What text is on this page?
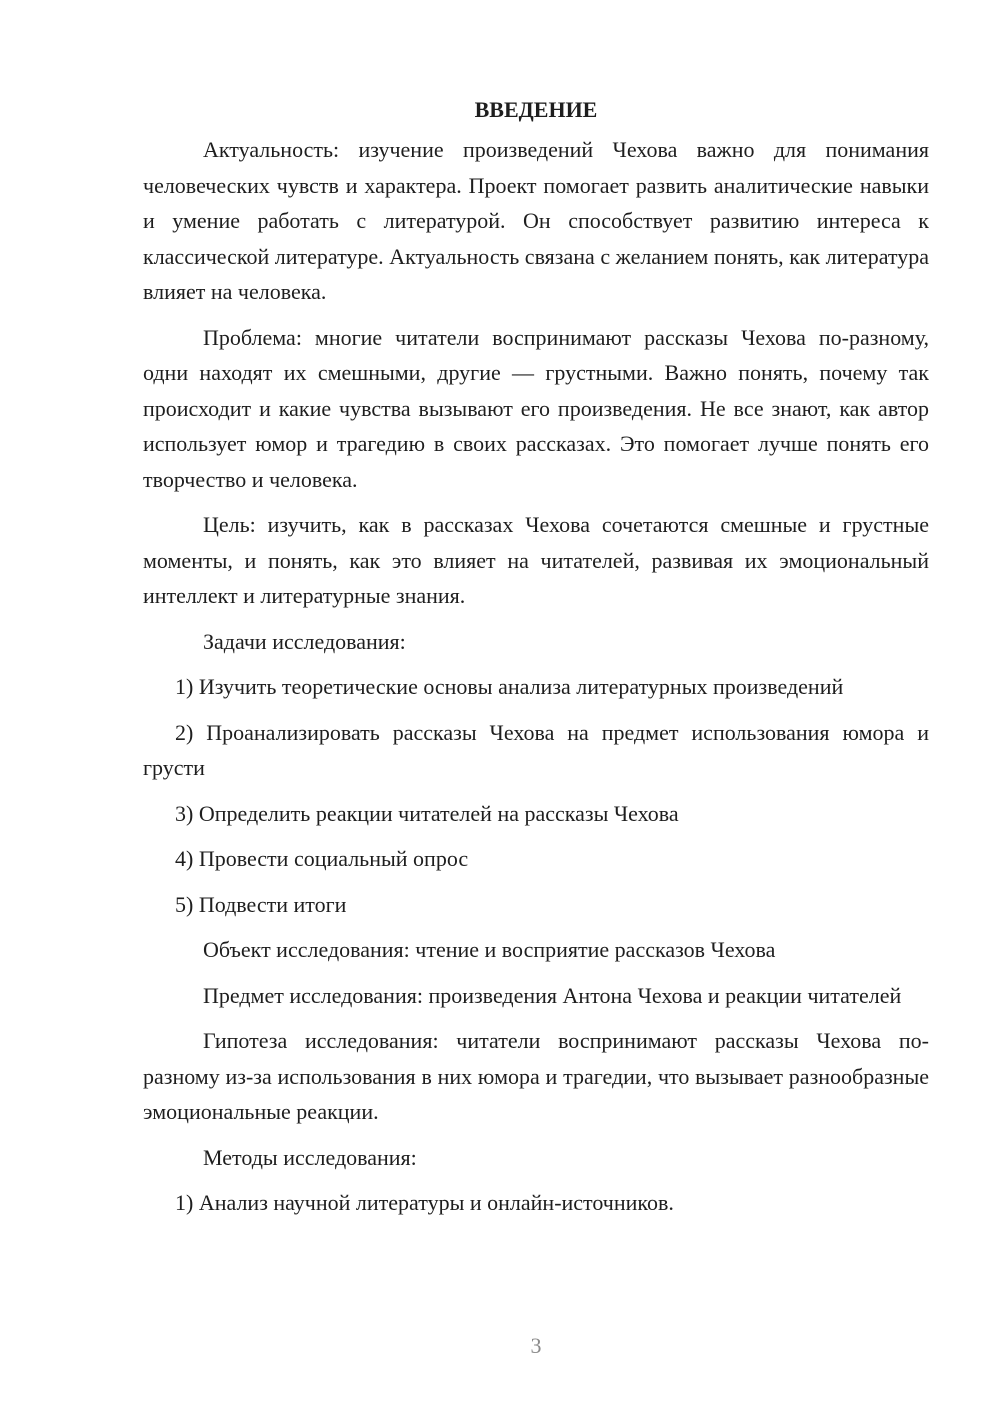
ВВЕДЕНИЕ

Актуальность: изучение произведений Чехова важно для понимания человеческих чувств и характера. Проект помогает развить аналитические навыки и умение работать с литературой. Он способствует развитию интереса к классической литературе. Актуальность связана с желанием понять, как литература влияет на человека.

Проблема: многие читатели воспринимают рассказы Чехова по-разному, одни находят их смешными, другие — грустными. Важно понять, почему так происходит и какие чувства вызывают его произведения. Не все знают, как автор использует юмор и трагедию в своих рассказах. Это помогает лучше понять его творчество и человека.

Цель: изучить, как в рассказах Чехова сочетаются смешные и грустные моменты, и понять, как это влияет на читателей, развивая их эмоциональный интеллект и литературные знания.

Задачи исследования:

1) Изучить теоретические основы анализа литературных произведений

2) Проанализировать рассказы Чехова на предмет использования юмора и грусти

3) Определить реакции читателей на рассказы Чехова

4) Провести социальный опрос

5) Подвести итоги

Объект исследования: чтение и восприятие рассказов Чехова

Предмет исследования: произведения Антона Чехова и реакции читателей

Гипотеза исследования: читатели воспринимают рассказы Чехова по-разному из-за использования в них юмора и трагедии, что вызывает разнообразные эмоциональные реакции.

Методы исследования:

1) Анализ научной литературы и онлайн-источников.

3
